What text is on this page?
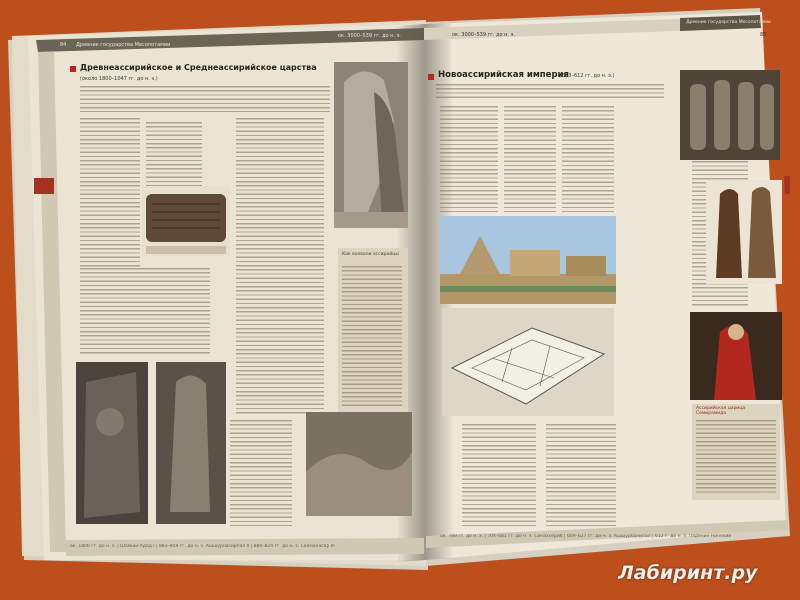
84 Древние государства Месопотамии
ок. 3000–539 гг. до н. э.
Древнеассирийское и Среднеассирийское царства
(около 1800–1047 гг. до н. э.)
Как воевали ассирийцы
ок. 1800 гг. до н. э. | Шамши-Адад I | 883–859 гг. до н. э. Ашшурнасирпал II | 884–824 гг. до н. э. Салманасар III
ок. 3000–539 гг. до н. э.
Древние государства Месопотамии
85
Новоассирийская империя
(883–612 гг. до н. э.)
Ассирийская царица Семирамида
ок. 789 гг. до н. э. | 704–681 гг. до н. э. Синаххериб | 669–627 гг. до н. э. Ашшурбанипал | 612 г. до н. э. Падение Ниневии
Лабиринт.ру
